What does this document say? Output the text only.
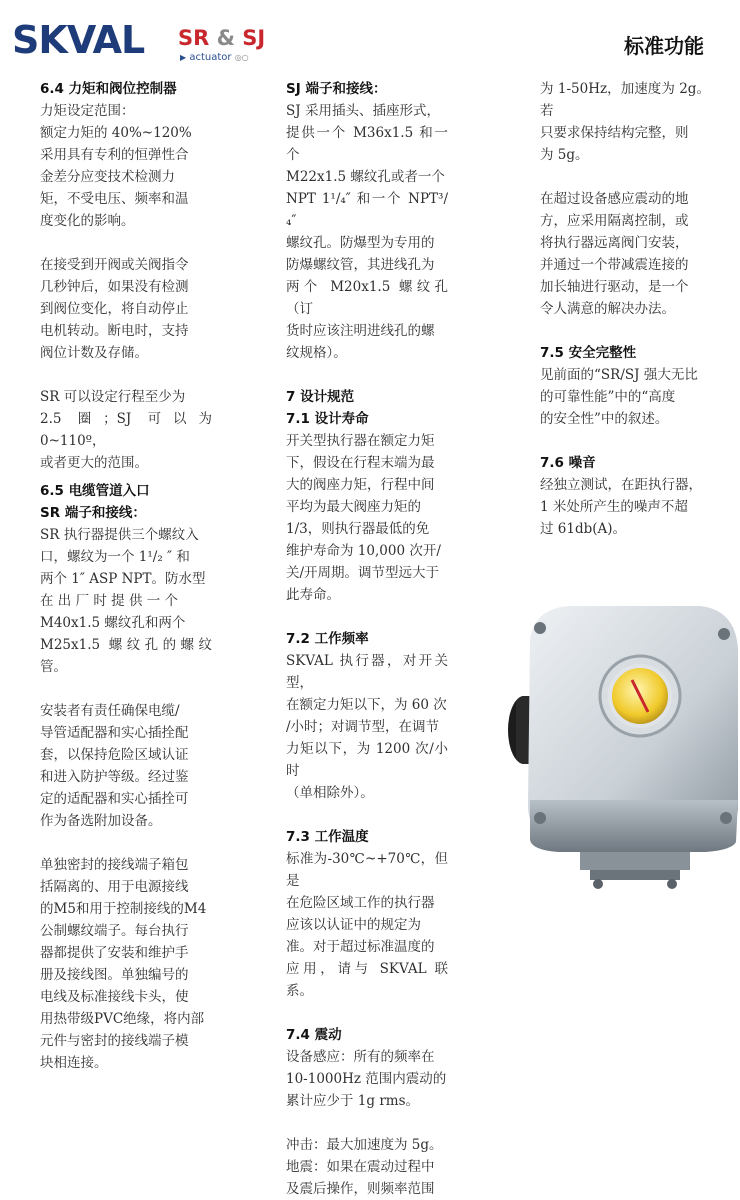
SKVAL SR & SJ
▶ actuator ◎○	标准功能
6.4 力矩和阀位控制器
力矩设定范围：
额定力矩的 40%~120%
采用具有专利的恒弹性合
金差分应变技术检测力
矩，不受电压、频率和温
度变化的影响。
在接受到开阀或关阀指令
几秒钟后，如果没有检测
到阀位变化，将自动停止
电机转动。断电时，支持
阀位计数及存储。
SR 可以设定行程至少为
2.5 圈；SJ 可以为 0~110º，
或者更大的范围。
6.5 电缆管道入口
SR 端子和接线：
SR 执行器提供三个螺纹入
口，螺纹为一个 1¹/₂ ″ 和
两个 1″ ASP NPT。防水型
在 出 厂 时 提 供 一 个
M40x1.5 螺纹孔和两个
M25x1.5 螺纹孔的螺纹管。
安装者有责任确保电缆/
导管适配器和实心插拴配
套，以保持危险区域认证
和进入防护等级。经过鉴
定的适配器和实心插拴可
作为备选附加设备。
单独密封的接线端子箱包
括隔离的、用于电源接线
的M5和用于控制接线的M4
公制螺纹端子。每台执行
器都提供了安装和维护手
册及接线图。单独编号的
电线及标准接线卡头，使
用热带级PVC绝缘，将内部
元件与密封的接线端子模
块相连接。
SJ 端子和接线：
SJ 采用插头、插座形式，
提供一个 M36x1.5 和一个
M22x1.5 螺纹孔或者一个
NPT 1¹/₄″ 和一个 NPT³/₄″
螺纹孔。防爆型为专用的
防爆螺纹管，其进线孔为
两个 M20x1.5 螺纹孔（订
货时应该注明进线孔的螺
纹规格）。
7 设计规范
7.1 设计寿命
开关型执行器在额定力矩
下，假设在行程末端为最
大的阀座力矩，行程中间
平均为最大阀座力矩的
1/3，则执行器最低的免
维护寿命为 10,000 次开/
关/开周期。调节型远大于
此寿命。
7.2 工作频率
SKVAL 执行器，对开关型，
在额定力矩以下，为 60 次
/小时；对调节型，在调节
力矩以下，为 1200 次/小时
（单相除外）。
7.3 工作温度
标准为-30℃~+70℃，但是
在危险区域工作的执行器
应该以认证中的规定为
准。对于超过标准温度的
应用，请与 SKVAL 联系。
7.4 震动
设备感应：所有的频率在
10-1000Hz 范围内震动的
累计应少于 1g rms。
冲击：最大加速度为 5g。
地震：如果在震动过程中
及震后操作，则频率范围
为 1-50Hz，加速度为 2g。若
只要求保持结构完整，则
为 5g。
在超过设备感应震动的地
方，应采用隔离控制，或
将执行器远离阀门安装，
并通过一个带减震连接的
加长轴进行驱动，是一个
令人满意的解决办法。
7.5 安全完整性
见前面的“SR/SJ 强大无比
的可靠性能”中的“高度
的安全性”中的叙述。
7.6 噪音
经独立测试，在距执行器，
1 米处所产生的噪声不超
过 61db(A)。
